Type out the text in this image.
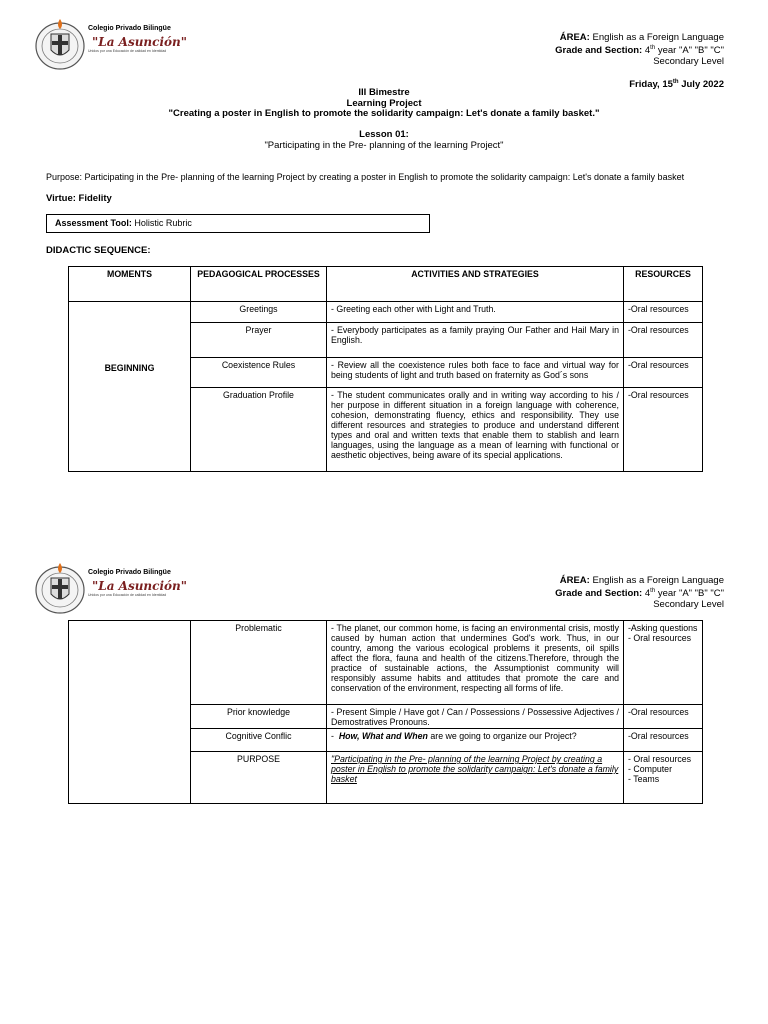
Colegio Privado Bilingüe
"La Asunción"
Unidos por una Educación de calidad en Identidad
ÁREA: English as a Foreign Language
Grade and Section: 4th year "A" "B" "C"
Secondary Level
Friday, 15th July 2022
III Bimestre
Learning Project
"Creating a poster in English to promote the solidarity campaign: Let's donate a family basket."
Lesson 01:
"Participating in the Pre- planning of the learning Project"
Purpose: Participating in the Pre- planning of the learning Project by creating a poster in English to promote the solidarity campaign: Let's donate a family basket
Virtue: Fidelity
Assessment Tool: Holistic Rubric
DIDACTIC SEQUENCE:
MOMENTS	PEDAGOGICAL PROCESSES	ACTIVITIES AND STRATEGIES	RESOURCES
BEGINNING	Greetings	- Greeting each other with Light and Truth.	-Oral resources
	Prayer	- Everybody participates as a family praying Our Father and Hail Mary in English.	-Oral resources
	Coexistence Rules	- Review all the coexistence rules both face to face and virtual way for being students of light and truth based on fraternity as God´s sons	-Oral resources
	Graduation Profile	- The student communicates orally and in writing way according to his / her purpose in different situation in a foreign language with coherence, cohesion, demonstrating fluency, ethics and responsibility. They use different resources and strategies to produce and understand different types and oral and written texts that enable them to stablish and learn languages, using the language as a mean of learning with functional or aesthetic objectives, being aware of its special applications.	-Oral resources
Colegio Privado Bilingüe
"La Asunción"
Unidos por una Educación de calidad en Identidad
ÁREA: English as a Foreign Language
Grade and Section: 4th year "A" "B" "C"
Secondary Level
	Problematic	- The planet, our common home, is facing an environmental crisis, mostly caused by human action that undermines God's work. Thus, in our country, among the various ecological problems it presents, oil spills affect the flora, fauna and health of the citizens.Therefore, through the practice of sustainable actions, the Assumptionist community will responsibly assume habits and attitudes that promote the care and conservation of the environment, respecting all forms of life.	-Asking questions - Oral resources
	Prior knowledge	- Present Simple / Have got / Can / Possessions / Possessive Adjectives / Demostratives Pronouns.	-Oral resources
	Cognitive Conflic	-  How, What and When are we going to organize our Project?	-Oral resources
	PURPOSE	"Participating in the Pre- planning of the learning Project by creating a poster in English to promote the solidarity campaign: Let's donate a family basket	- Oral resources
- Computer
- Teams
